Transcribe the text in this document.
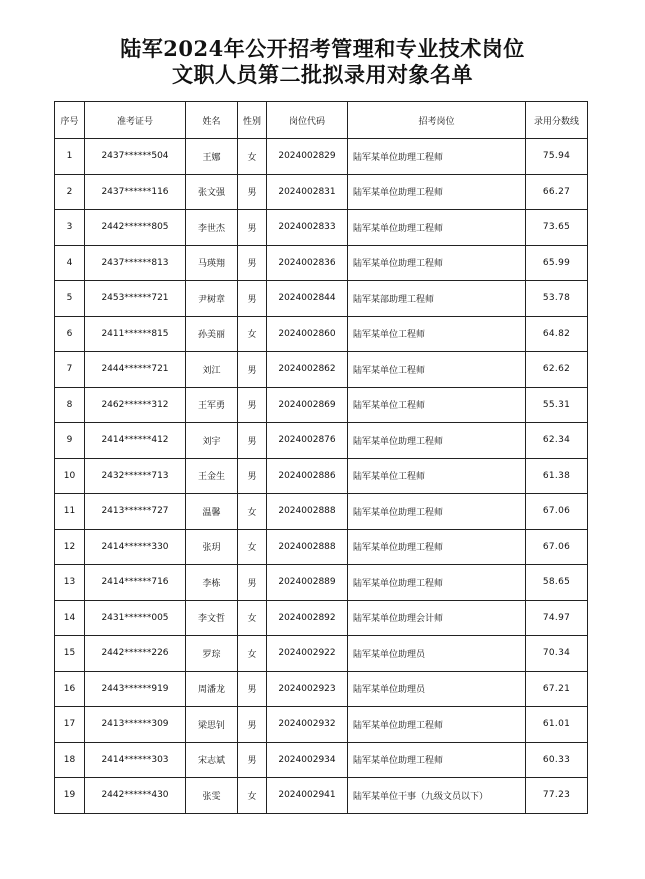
陆军2024年公开招考管理和专业技术岗位
文职人员第二批拟录用对象名单
序号	准考证号	姓名	性别	岗位代码	招考岗位	录用分数线
1	2437******504	王娜	女	2024002829	陆军某单位助理工程师	75.94
2	2437******116	张文强	男	2024002831	陆军某单位助理工程师	66.27
3	2442******805	李世杰	男	2024002833	陆军某单位助理工程师	73.65
4	2437******813	马瑛翔	男	2024002836	陆军某单位助理工程师	65.99
5	2453******721	尹树章	男	2024002844	陆军某部助理工程师	53.78
6	2411******815	孙美丽	女	2024002860	陆军某单位工程师	64.82
7	2444******721	刘江	男	2024002862	陆军某单位工程师	62.62
8	2462******312	王军勇	男	2024002869	陆军某单位工程师	55.31
9	2414******412	刘宇	男	2024002876	陆军某单位助理工程师	62.34
10	2432******713	王金生	男	2024002886	陆军某单位工程师	61.38
11	2413******727	温馨	女	2024002888	陆军某单位助理工程师	67.06
12	2414******330	张玥	女	2024002888	陆军某单位助理工程师	67.06
13	2414******716	李栋	男	2024002889	陆军某单位助理工程师	58.65
14	2431******005	李文哲	女	2024002892	陆军某单位助理会计师	74.97
15	2442******226	罗琮	女	2024002922	陆军某单位助理员	70.34
16	2443******919	周潘龙	男	2024002923	陆军某单位助理员	67.21
17	2413******309	梁思钊	男	2024002932	陆军某单位助理工程师	61.01
18	2414******303	宋志斌	男	2024002934	陆军某单位助理工程师	60.33
19	2442******430	张雯	女	2024002941	陆军某单位干事（九级文员以下）	77.23
